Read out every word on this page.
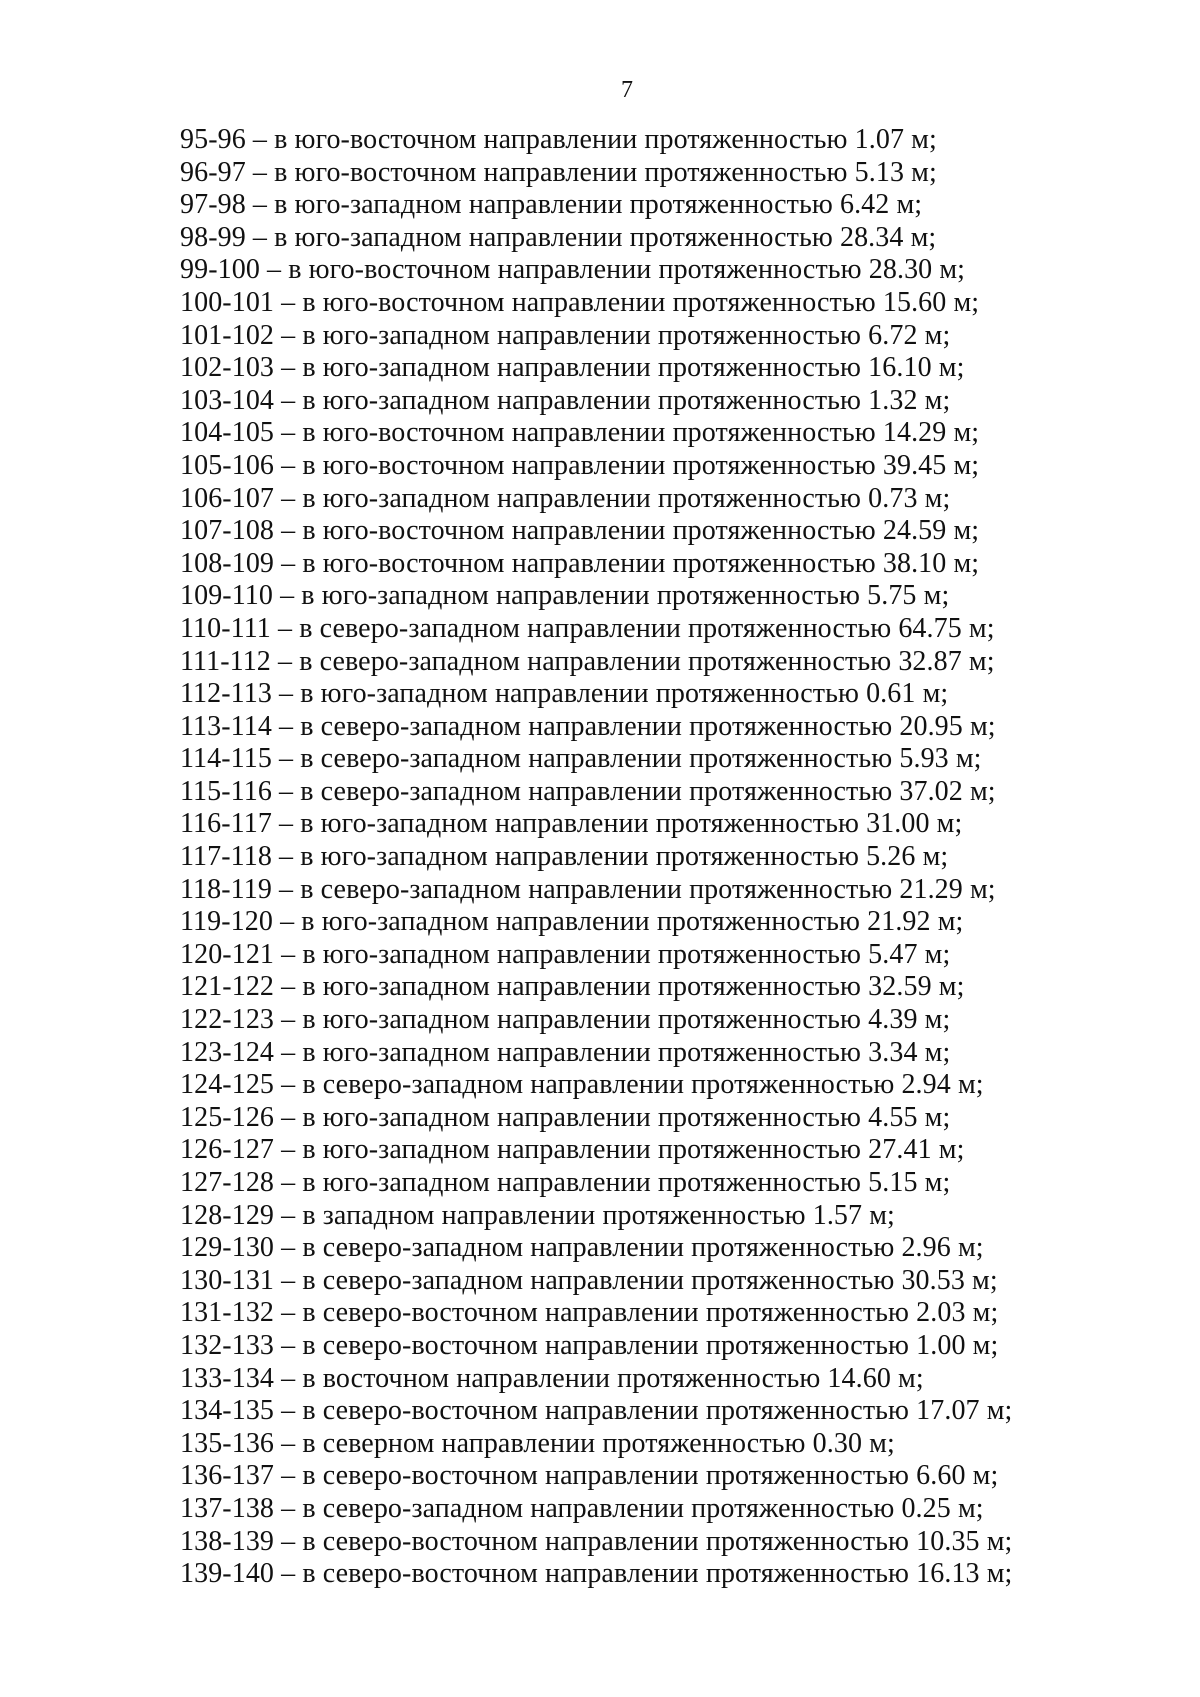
7
95-96 – в юго-восточном направлении протяженностью 1.07 м;
96-97 – в юго-восточном направлении протяженностью 5.13 м;
97-98 – в юго-западном направлении протяженностью 6.42 м;
98-99 – в юго-западном направлении протяженностью 28.34 м;
99-100 – в юго-восточном направлении протяженностью 28.30 м;
100-101 – в юго-восточном направлении протяженностью 15.60 м;
101-102 – в юго-западном направлении протяженностью 6.72 м;
102-103 – в юго-западном направлении протяженностью 16.10 м;
103-104 – в юго-западном направлении протяженностью 1.32 м;
104-105 – в юго-восточном направлении протяженностью 14.29 м;
105-106 – в юго-восточном направлении протяженностью 39.45 м;
106-107 – в юго-западном направлении протяженностью 0.73 м;
107-108 – в юго-восточном направлении протяженностью 24.59 м;
108-109 – в юго-восточном направлении протяженностью 38.10 м;
109-110 – в юго-западном направлении протяженностью 5.75 м;
110-111 – в северо-западном направлении протяженностью 64.75 м;
111-112 – в северо-западном направлении протяженностью 32.87 м;
112-113 – в юго-западном направлении протяженностью 0.61 м;
113-114 – в северо-западном направлении протяженностью 20.95 м;
114-115 – в северо-западном направлении протяженностью 5.93 м;
115-116 – в северо-западном направлении протяженностью 37.02 м;
116-117 – в юго-западном направлении протяженностью 31.00 м;
117-118 – в юго-западном направлении протяженностью 5.26 м;
118-119 – в северо-западном направлении протяженностью 21.29 м;
119-120 – в юго-западном направлении протяженностью 21.92 м;
120-121 – в юго-западном направлении протяженностью 5.47 м;
121-122 – в юго-западном направлении протяженностью 32.59 м;
122-123 – в юго-западном направлении протяженностью 4.39 м;
123-124 – в юго-западном направлении протяженностью 3.34 м;
124-125 – в северо-западном направлении протяженностью 2.94 м;
125-126 – в юго-западном направлении протяженностью 4.55 м;
126-127 – в юго-западном направлении протяженностью 27.41 м;
127-128 – в юго-западном направлении протяженностью 5.15 м;
128-129 – в западном направлении протяженностью 1.57 м;
129-130 – в северо-западном направлении протяженностью 2.96 м;
130-131 – в северо-западном направлении протяженностью 30.53 м;
131-132 – в северо-восточном направлении протяженностью 2.03 м;
132-133 – в северо-восточном направлении протяженностью 1.00 м;
133-134 – в восточном направлении протяженностью 14.60 м;
134-135 – в северо-восточном направлении протяженностью 17.07 м;
135-136 – в северном направлении протяженностью 0.30 м;
136-137 – в северо-восточном направлении протяженностью 6.60 м;
137-138 – в северо-западном направлении протяженностью 0.25 м;
138-139 – в северо-восточном направлении протяженностью 10.35 м;
139-140 – в северо-восточном направлении протяженностью 16.13 м;
